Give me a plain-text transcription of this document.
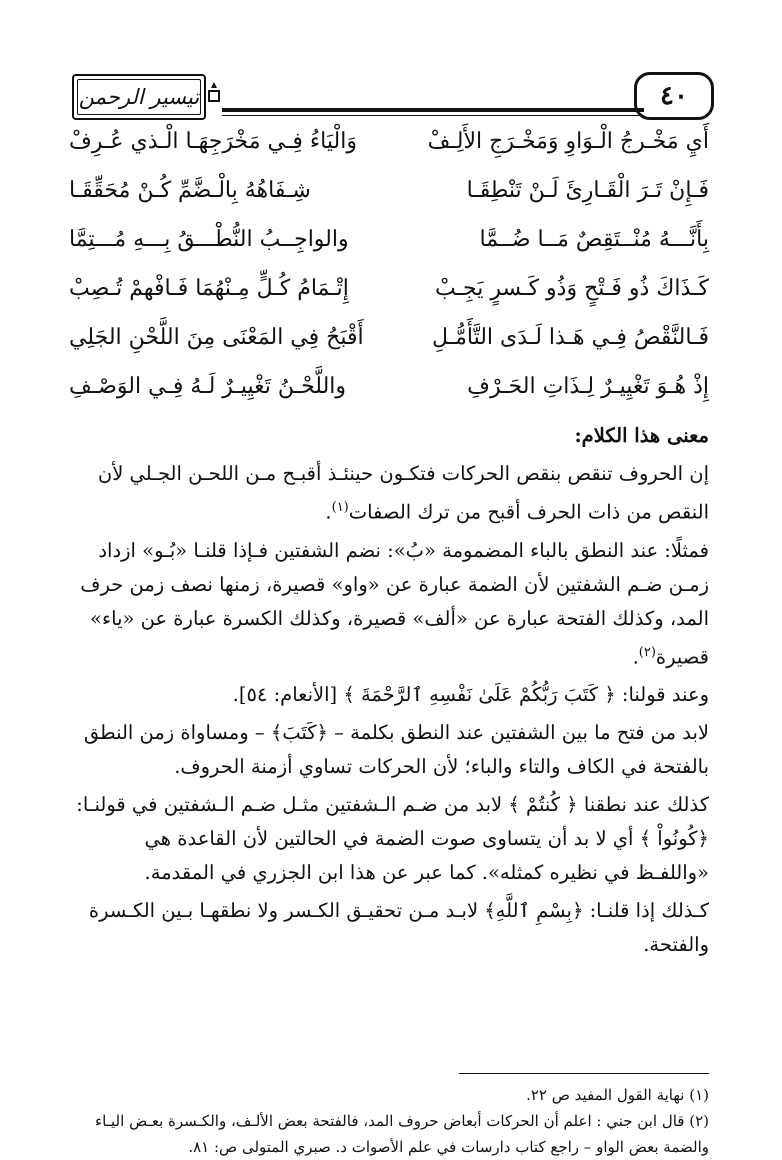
٤٠
تيسير الرحمن
أَيِ مَخْـرجُ الْـوَاوِ وَمَخْـرَجِ الأَلِـفْ
وَالْيَاءُ فِـي مَخْرَجِهَـا الْـذي عُـرِفْ
فَـإِنْ تَـرَ الْقَـارِئَ لَـنْ تَنْطِقَـا
شِـفَاهُهُ بِالْـضَّمِّ كُـنْ مُحَقِّقَـا
بِأَنَّـــهُ مُنْــتَقِصٌ مَــا ضُــمَّا
والواجِــبُ النُّطْـــقُ بِـــهِ مُـــتِمَّا
كَـذَاكَ ذُو فَـتْحٍ وَذُو كَـسرٍ يَجِـبْ
إِتْـمَامُ كُـلٍّ مِـنْهُمَا فَـافْهمْ تُـصِبْ
فَـالنَّقْصُ فِـي هَـذا لَـدَى التَّأَمُّـلِ
أَقْبَحُ فِي المَعْنَى مِنَ اللَّحْنِ الجَلِي
إِذْ هُـوَ تَغْيِيـرٌ لِـذَاتِ الحَـرْفِ
واللَّحْـنُ تَغْيِيـرٌ لَـهُ فِـي الوَصْـفِ

معنى هذا الكلام:

إن الحروف تنقص بنقص الحركات فتكـون حينئـذ أقبـح مـن اللحـن الجـلي لأن النقص من ذات الحرف أقبح من ترك الصفات$^{(١)}$.

فمثلًا: عند النطق بالباء المضمومة «بُ»: نضم الشفتين فـإذا قلنـا «بُـو» ازداد زمـن ضـم الشفتين لأن الضمة عبارة عن «واو» قصيرة، زمنها نصف زمن حرف المد، وكذلك الفتحة عبارة عن «ألف» قصيرة، وكذلك الكسرة عبارة عن «ياء» قصيرة$^{(٢)}$.

وعند قولنا: ﴿ كَتَبَ رَبُّكُمْ عَلَىٰ نَفْسِهِ ٱلرَّحْمَةَ ﴾ [الأنعام: ٥٤].

لابد من فتح ما بين الشفتين عند النطق بكلمة – ﴿كَتَبَ﴾ – ومساواة زمن النطق بالفتحة في الكاف والتاء والباء؛ لأن الحركات تساوي أزمنة الحروف.

كذلك عند نطقنا ﴿ كُنتُمْ ﴾ لابد من ضـم الـشفتين مثـل ضـم الـشفتين في قولنـا: ﴿كُونُواْ ﴾ أي لا بد أن يتساوى صوت الضمة في الحالتين لأن القاعدة هي «واللفـظ في نظيره كمثله». كما عبر عن هذا ابن الجزري في المقدمة.

كـذلك إذا قلنـا: ﴿بِسْمِ ٱللَّهِ﴾ لابـد مـن تحقيـق الكـسر ولا نطقهـا بـين الكـسرة والفتحة.

(١) نهاية القول المفيد ص ٢٢.

(٢) قال ابن جني : اعلم أن الحركات أبعاض حروف المد، فالفتحة بعض الألـف، والكـسرة بعـض اليـاء والضمة بعض الواو – راجع كتاب دارسات في علم الأصوات د. صبري المتولى ص: ٨١.
